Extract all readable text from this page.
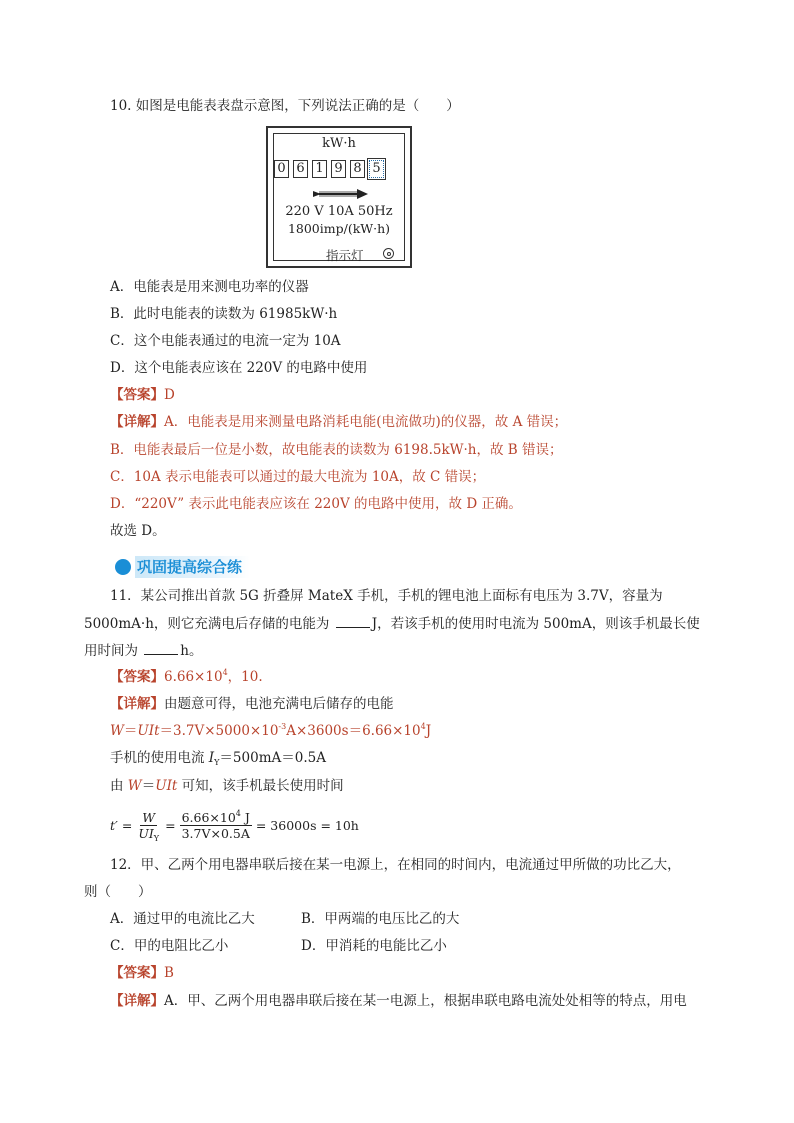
10. 如图是电能表表盘示意图，下列说法正确的是（　　）
kW·h
0 6 1 9 8 5
220 V 10A 50Hz
1800imp/(kW·h)
指示灯
A．电能表是用来测电功率的仪器
B．此时电能表的读数为 61985kW·h
C．这个电能表通过的电流一定为 10A
D．这个电能表应该在 220V 的电路中使用
【答案】D
【详解】A．电能表是用来测量电路消耗电能(电流做功)的仪器，故 A 错误；
B．电能表最后一位是小数，故电能表的读数为 6198.5kW·h，故 B 错误；
C．10A 表示电能表可以通过的最大电流为 10A，故 C 错误；
D．“220V” 表示此电能表应该在 220V 的电路中使用，故 D 正确。
故选 D。
巩固提高综合练
11．某公司推出首款 5G 折叠屏 MateX 手机，手机的锂电池上面标有电压为 3.7V，容量为
5000mA·h，则它充满电后存储的电能为	J，若该手机的使用时电流为 500mA，则该手机最长使
用时间为	h。
【答案】$6.66\times 10^4$，10.
【详解】由题意可得，电池充满电后储存的电能
$W=UIt=3.7V\times 5000\times 10^{-3}A\times 3600s=6.66\times 10^4J$
手机的使用电流 $I_Y=500mA=0.5A$
由 W＝UIt 可知，该手机最长使用时间
$t' = \frac{W}{UI_Y} = \frac{6.66\times 10^4 J}{3.7V\times 0.5A} = 36000s = 10h$
12．甲、乙两个用电器串联后接在某一电源上，在相同的时间内，电流通过甲所做的功比乙大，
则（　　）
A．通过甲的电流比乙大	B．甲两端的电压比乙的大
C．甲的电阻比乙小	D．甲消耗的电能比乙小
【答案】B
【详解】A．甲、乙两个用电器串联后接在某一电源上，根据串联电路电流处处相等的特点，用电
